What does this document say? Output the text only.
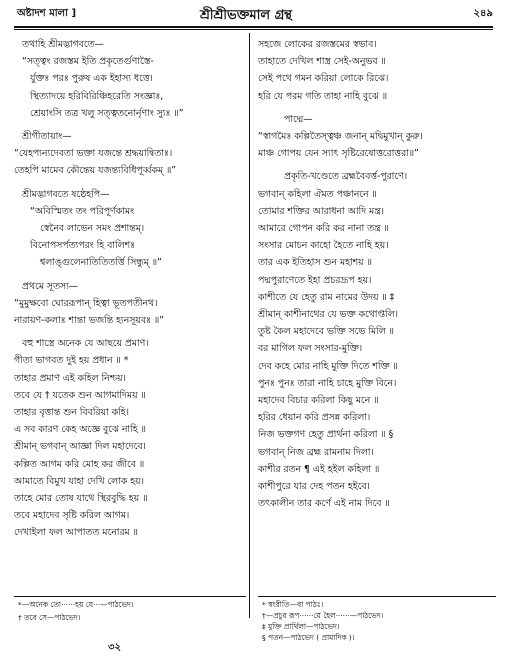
অষ্টাদশ মালা ]	শ্রীশ্রীভক্তমাল গ্রন্থ	২৪৯
তথাহি শ্রীমদ্ভাগবতে—
“সত্ত্বং রজস্তম ইতি প্রকৃতের্গুণাস্তৈ-
র্যুক্তঃ পরঃ পুরুষ এক ইহাস্য ধত্তে।
স্থিত্যাদয়ে হরিবিরিঞ্চিহরেতি সংজ্ঞাঃ,
শ্রেয়াংসি তত্র খলু সত্ত্বতনোর্নৃণাং স্যুঃ ॥”
শ্রীগীতায়াং—
“যেহপ্যন্যদেবতা ভক্তা যজন্তে শ্রদ্ধয়ান্বিতাঃ।
তেহপি মামেব কৌন্তেয় যজন্ত্যবিধিপূর্ব্বকম্ ॥”
শ্রীমদ্ভাগবতে ষষ্ঠেহপি—
“অবিস্মিতং তং পরিপূর্ণকামং
স্বেনৈব লাভেন সমং প্রশান্তম্।
বিনোপসর্পত্যপরং হি বালিশঃ
শ্বলাঙ্গুলেনাতিতিতর্ত্তি সিন্ধুম্ ॥”
প্রথমে সূতস্য—
“মুমুক্ষবো ঘোররূপান্ হিত্বা ভূতপতীনথ।
নারায়ণ-কলাঃ শান্তা ভজন্তি হ্যনসূয়বঃ ॥”
বহু শাস্ত্রে অনেক যে আছয়ে প্রমাণ।
গীতা ভাগবত দুই হয় প্রধান ॥ *
তাহার প্রমাণ এই কহিল নিশ্চয়।
তবে যে † যতেক শুন আগমাদিময় ॥
তাহার বৃত্তান্ত শুন বিবরিয়া কহি।
এ সব কারণ কেহ অজ্ঞে বুঝে নাহি ॥
শ্রীমান্ ভগবান্ আজ্ঞা দিল মহাদেবে।
কল্পিত আগম করি মোহ কর জীবে ॥
আমাতে বিমুখ যাহা দেখি লোক হয়।
তাহে মোর তোষ যাথে স্থিরবুদ্ধি হয় ॥
তবে মহাদেব সৃষ্টি করিল আগম।
দেখাইলা ফল আপাতত মনোরম ॥
সহজে লোকের রজস্তমের স্বভাব।
তাহাতে দেখিল শাস্ত্র সেই-অনুভব ॥
সেই পথে গমন করিয়া লোকে রিঝে।
হরি যে পরম গতি তাহা নাহি বুঝে ॥
পাদ্মে—
“স্বাগমৈঃ কল্পিতৈস্ত্বঞ্চ জনান্ মদ্বিমুখান্ কুরু।
মাঞ্চ গোপয় যেন স্যাৎ সৃষ্টিরেষোত্তরোত্তরা॥”
প্রকৃতি-খণ্ডেতে ব্রহ্মবৈবর্ত্ত-পুরাণে।
ভগবান্ কহিলা ঐমত পঞ্চাননে ॥
তোমার শক্তির আরাধনা আদি মন্ত্র।
আমারে গোপন করি কর নানা তন্ত্র ॥
সংসার মোচন কাহো হৈতে নাহি হয়।
তার এক ইতিহাস শুন মহাশয় ॥
পদ্মপুরাণেতে ইহা প্রচরদ্রূপ হয়।
কাশীতে যে হেতু রাম নামের উদয় ॥ ‡
শ্রীমান্ কাশীনাথের যে ভক্ত কথোপ্তলি।
তুষ্ট কৈল মহাদেবে ভক্তি সভে মিলি ॥
বর মাগিল ফল সংসার-মুক্তি।
দেব কহে মোর নাহি মুক্তি দিতে শক্তি ॥
পুনঃ পুনঃ তারা নাহি চাহে মুক্তি বিনে।
মহাদেব বিচার করিলা কিছু মনে ॥
হরির ধেয়ান করি প্রসন্ন করিলা।
নিজ ভক্তগণ হেতু প্রার্থনা করিলা ॥ §
ভগবান্ নিজ ব্রহ্ম রামনাম দিলা।
কাশীর রতন ¶ এই হইল কহিলা ॥
কাশীপুরে যার দেহ পতন হইবে।
তৎকালীন তার কর্ণে এই নাম দিবে ॥
*—অনেক তো······হয় যে···—পাঠভেদ।
† তবে সে—পাঠভেদ।
* স্বংরীতি—বা পাঠঃ।
†—প্রচুর রূপ······য়ে হৈল······—পাঠভেদ।
‡ মুক্তি প্রার্থিলা—পাঠভেদ।
§ পতন—পাঠভেদ ( প্রামাদিক )।
৩২
